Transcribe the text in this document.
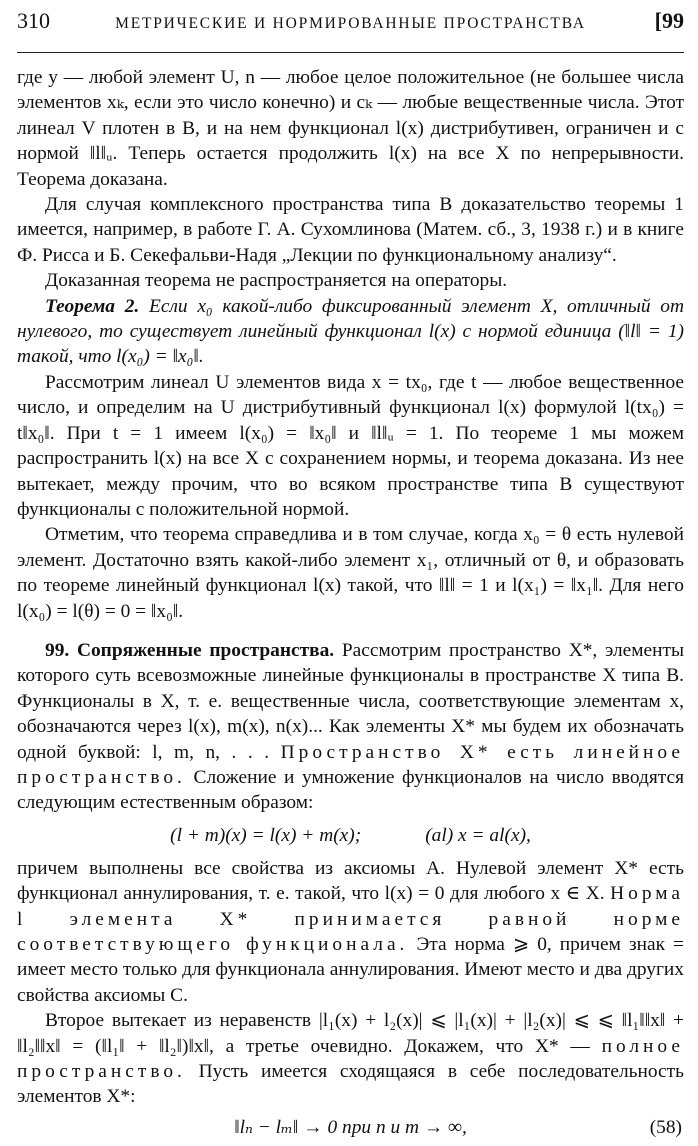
310	МЕТРИЧЕСКИЕ И НОРМИРОВАННЫЕ ПРОСТРАНСТВА	[99

где y — любой элемент U, n — любое целое положительное (не большее числа элементов xₖ, если это число конечно) и cₖ — любые вещественные числа. Этот линеал V плотен в B, и на нем функционал l(x) дистрибутивен, ограничен и с нормой ‖l‖ᵤ. Теперь остается продолжить l(x) на все X по непрерывности. Теорема доказана.

Для случая комплексного пространства типа B доказательство теоремы 1 имеется, например, в работе Г. А. Сухомлинова (Матем. сб., 3, 1938 г.) и в книге Ф. Рисса и Б. Секефальви-Надя „Лекции по функциональному анализу“.

Доказанная теорема не распространяется на операторы.

Теорема 2. Если x₀ какой-либо фиксированный элемент X, отличный от нулевого, то существует линейный функционал l(x) с нормой единица (‖l‖ = 1) такой, что l(x₀) = ‖x₀‖.

Рассмотрим линеал U элементов вида x = tx₀, где t — любое вещественное число, и определим на U дистрибутивный функционал l(x) формулой l(tx₀) = t‖x₀‖. При t = 1 имеем l(x₀) = ‖x₀‖ и ‖l‖ᵤ = 1. По теореме 1 мы можем распространить l(x) на все X с сохранением нормы, и теорема доказана. Из нее вытекает, между прочим, что во всяком пространстве типа B существуют функционалы с положительной нормой.

Отметим, что теорема справедлива и в том случае, когда x₀ = θ есть нулевой элемент. Достаточно взять какой-либо элемент x₁, отличный от θ, и образовать по теореме линейный функционал l(x) такой, что ‖l‖ = 1 и l(x₁) = ‖x₁‖. Для него l(x₀) = l(θ) = 0 = ‖x₀‖.

99. Сопряженные пространства. Рассмотрим пространство X*, элементы которого суть всевозможные линейные функционалы в пространстве X типа B. Функционалы в X, т. е. вещественные числа, соответствующие элементам x, обозначаются через l(x), m(x), n(x)... Как элементы X* мы будем их обозначать одной буквой: l, m, n, . . . Пространство X* есть линейное пространство. Сложение и умножение функционалов на число вводятся следующим естественным образом:

(l + m)(x) = l(x) + m(x);	(al) x = al(x),

причем выполнены все свойства из аксиомы A. Нулевой элемент X* есть функционал аннулирования, т. е. такой, что l(x) = 0 для любого x ∈ X. Норма l элемента X* принимается равной норме соответствующего функционала. Эта норма ⩾ 0, причем знак = имеет место только для функционала аннулирования. Имеют место и два других свойства аксиомы C.

Второе вытекает из неравенств |l₁(x) + l₂(x)| ⩽ |l₁(x)| + |l₂(x)| ⩽ ⩽ ‖l₁‖‖x‖ + ‖l₂‖‖x‖ = (‖l₁‖ + ‖l₂‖)‖x‖, а третье очевидно. Докажем, что X* — полное пространство. Пусть имеется сходящаяся в себе последовательность элементов X*:

‖lₙ − lₘ‖ → 0 при n и m → ∞,	(58)
